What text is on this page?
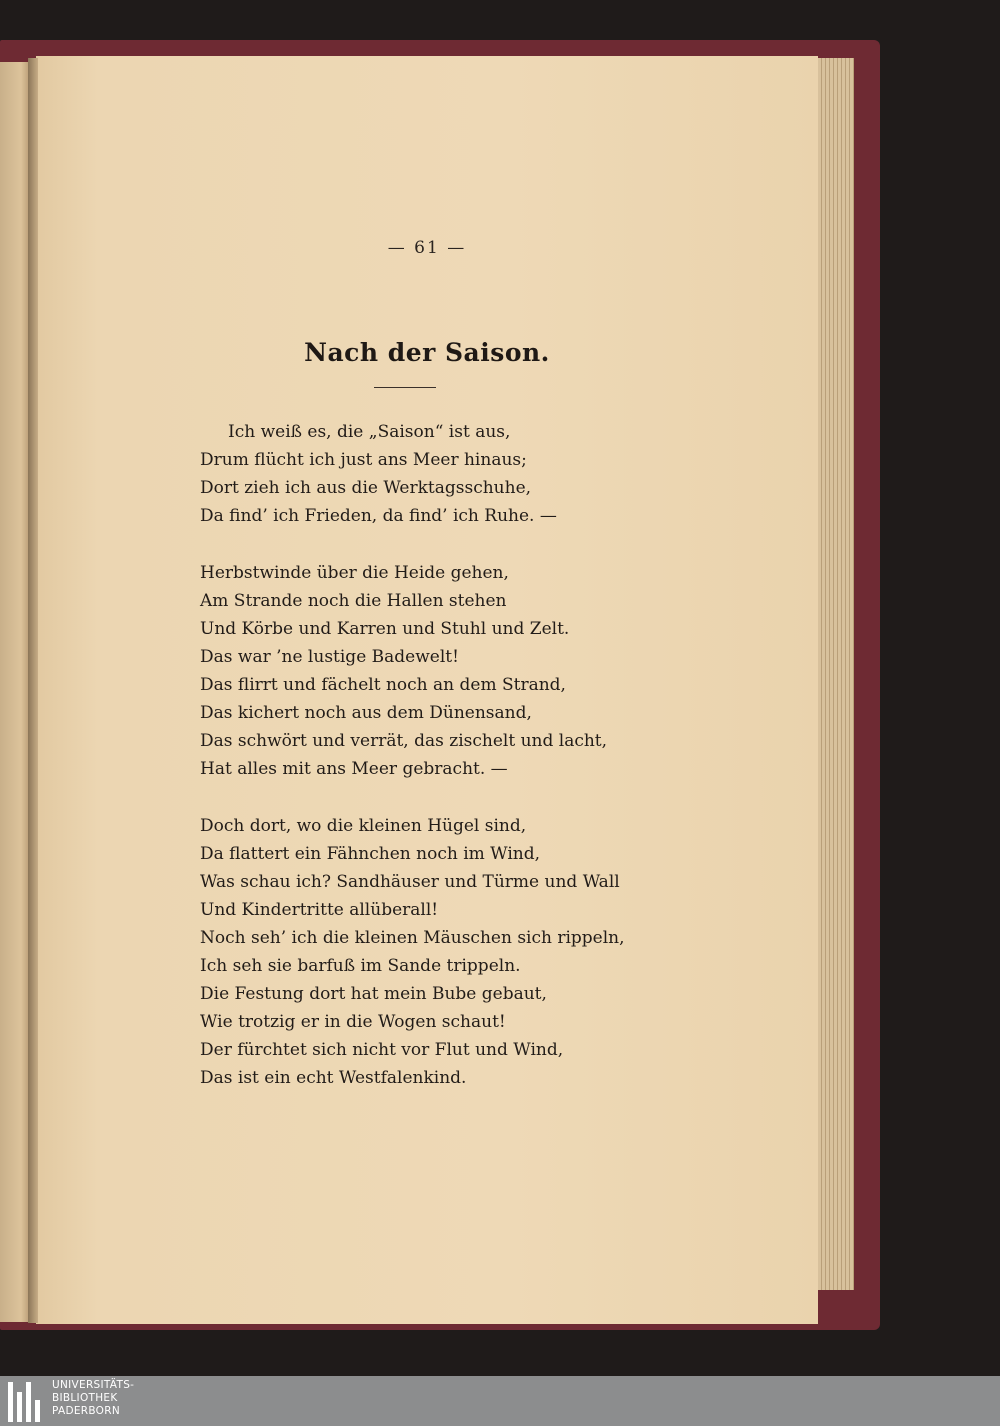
— 61 —
Nach der Saison.
Ich weiß es, die „Saison“ ist aus,
Drum flücht ich just ans Meer hinaus;
Dort zieh ich aus die Werktagsschuhe,
Da find’ ich Frieden, da find’ ich Ruhe. —
Herbstwinde über die Heide gehen,
Am Strande noch die Hallen stehen
Und Körbe und Karren und Stuhl und Zelt.
Das war ’ne lustige Badewelt!
Das flirrt und fächelt noch an dem Strand,
Das kichert noch aus dem Dünensand,
Das schwört und verrät, das zischelt und lacht,
Hat alles mit ans Meer gebracht. —
Doch dort, wo die kleinen Hügel sind,
Da flattert ein Fähnchen noch im Wind,
Was schau ich? Sandhäuser und Türme und Wall
Und Kindertritte allüberall!
Noch seh’ ich die kleinen Mäuschen sich rippeln,
Ich seh sie barfuß im Sande trippeln.
Die Festung dort hat mein Bube gebaut,
Wie trotzig er in die Wogen schaut!
Der fürchtet sich nicht vor Flut und Wind,
Das ist ein echt Westfalenkind.
UNIVERSITÄTS-
BIBLIOTHEK
PADERBORN
